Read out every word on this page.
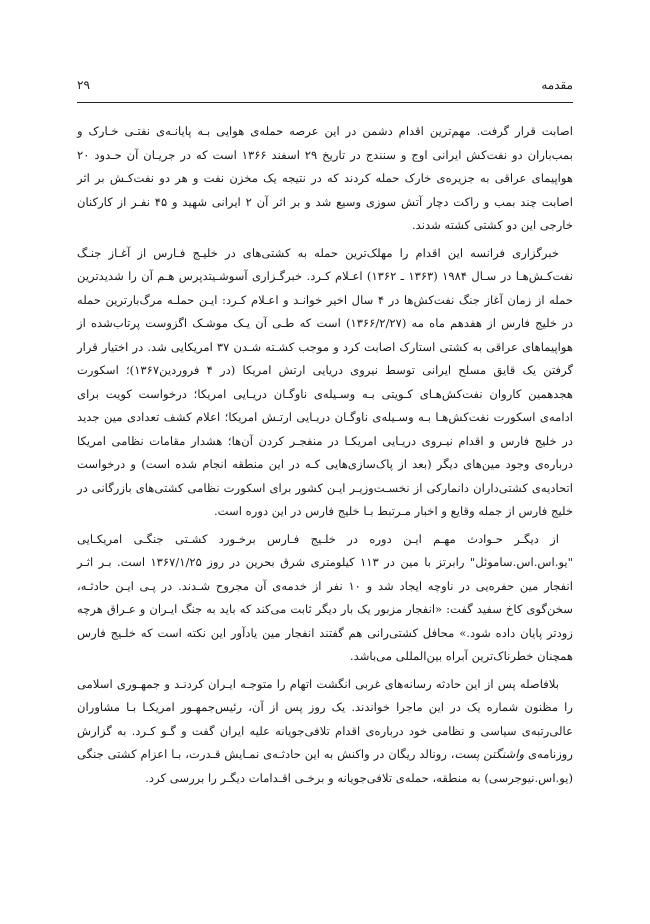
مقدمه
۲۹

اصابت قرار گرفت. مهم‌ترین اقدام دشمن در این عرصه حمله‌ی هوایی بـه پایانـه‌ی نفتـی خـارک و بمب‌باران دو نفت‌کش ایرانی اوج و سنندج در تاریخ ۲۹ اسفند ۱۳۶۶ است که در جریـان آن حـدود ۲۰ هواپیمای عراقی به جزیره‌ی خارک حمله کردند که در نتیجه یک مخزن نفت و هر دو نفت‌کـش بر اثر اصابت چند بمب و راکت دچار آتش سوزی وسیع شد و بر اثر آن ۲ ایرانی شهید و ۴۵ نفـر از کارکنان خارجی این دو کشتی کشته شدند.

خبرگزاری فرانسه این اقدام را مهلک‌ترین حمله به کشتی‌های در خلیـج فـارس از آغـاز جنـگ نفت‌کـش‌هـا در سـال ۱۹۸۴ (۱۳۶۳ ـ ۱۳۶۲) اعـلام کـرد. خبرگـزاری آسوشـیتدپرس هـم آن را شدیدترین حمله از زمان آغاز جنگ نفت‌کش‌ها در ۴ سال اخیر خوانـد و اعـلام کـرد: ایـن حملـه مرگ‌بارترین حمله در خلیج فارس از هفدهم ماه مه (۱۳۶۶/۲/۲۷) است که طـی آن یـک موشـک اگزوست پرتاب‌شده از هواپیماهای عراقی به کشتی استارک اصابت کرد و موجب کشـته شـدن ۳۷ امریکایی شد. در اختیار قرار گرفتن یک قایق مسلح ایرانی توسط نیروی دریایی ارتش امریکا (در ۴ فروردین۱۳۶۷)؛ اسکورت هجدهمین کاروان نفت‌کش‌هـای کـویتی بـه وسـیله‌ی ناوگـان دریـایی امریکا؛ درخواست کویت برای ادامه‌ی اسکورت نفت‌کش‌هـا بـه وسـیله‌ی ناوگـان دریـایی ارتـش امریکا؛ اعلام کشف تعدادی مین جدید در خلیج فارس و اقدام نیـروی دریـایی امریکـا در منفجـر کردن آن‌ها؛ هشدار مقامات نظامی امریکا درباره‌ی وجود مین‌های دیگر (بعد از پاک‌سازی‌هایی کـه در این منطقه انجام شده است) و درخواست اتحادیه‌ی کشتی‌داران دانمارکی از نخسـت‌وزیـر ایـن کشور برای اسکورت نظامی کشتی‌های بازرگانی در خلیج فارس از جمله وقایع و اخبار مـرتبط بـا خلیج فارس در این دوره است.

از دیگـر حـوادث مهـم ایـن دوره در خلـیج فـارس برخـورد کشـتی جنگـی امریکـایی "یو.اس.اس.ساموئل" رابرتز با مین در ۱۱۳ کیلومتری شرق بحرین در روز ۱۳۶۷/۱/۲۵ است. بـر اثـر انفجار مین حفره‌یی در ناوچه ایجاد شد و ۱۰ نفر از خدمه‌ی آن مجروح شـدند. در پـی ایـن حادثـه، سخن‌گوی کاخ سفید گفت: «انفجار مزبور یک بار دیگر ثابت می‌کند که باید به جنگ ایـران و عـراق هرچه زودتر پایان داده شود.» محافل کشتی‌رانی هم گفتند انفجار مین یادآور این نکته است که خلـیج فارس همچنان خطرناک‌ترین آبراه بین‌المللی می‌باشد.

بلافاصله پس از این حادثه رسانه‌های غربی انگشت اتهام را متوجـه ایـران کردنـد و جمهـوری اسلامی را مظنون شماره یک در این ماجرا خواندند. یک روز پس از آن، رئیس‌جمهـور امریکـا بـا مشاوران عالی‌رتبه‌ی سیاسی و نظامی خود درباره‌ی اقدام تلافی‌جویانه علیه ایران گفت و گـو کـرد. به گزارش روزنامه‌ی واشنگتن پست، رونالد ریگان در واکنش به این حادثـه‌ی نمـایش قـدرت، بـا اعزام کشتی جنگی (یو.اس.نیوجرسی) به منطقه، حمله‌ی تلافی‌جویانه و برخـی اقـدامات دیگـر را بررسی کرد.
